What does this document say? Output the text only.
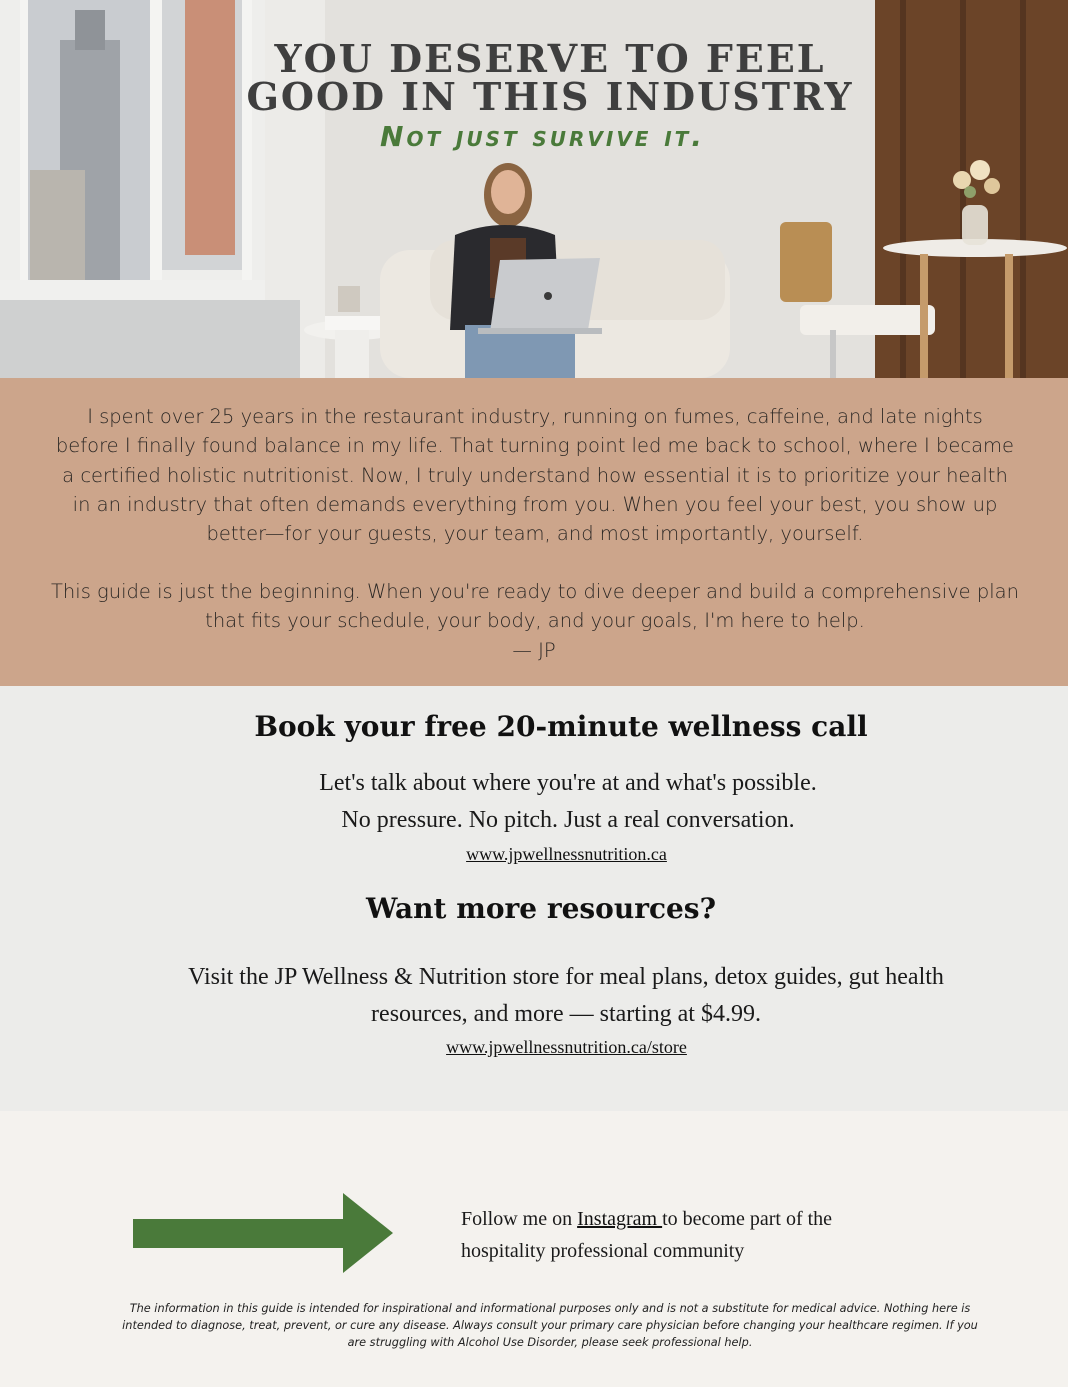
YOU DESERVE TO FEEL
GOOD IN THIS INDUSTRY
Not just survive it.

I spent over 25 years in the restaurant industry, running on fumes, caffeine, and late nights before I finally found balance in my life. That turning point led me back to school, where I became a certified holistic nutritionist. Now, I truly understand how essential it is to prioritize your health in an industry that often demands everything from you. When you feel your best, you show up better—for your guests, your team, and most importantly, yourself.

This guide is just the beginning. When you're ready to dive deeper and build a comprehensive plan that fits your schedule, your body, and your goals, I'm here to help.

— JP

Book your free 20-minute wellness call
Let's talk about where you're at and what's possible.
No pressure. No pitch. Just a real conversation.
www.jpwellnessnutrition.ca
Want more resources?
Visit the JP Wellness & Nutrition store for meal plans, detox guides, gut health
resources, and more — starting at $4.99.
www.jpwellnessnutrition.ca/store
Follow me on Instagram to become part of the hospitality professional community
The information in this guide is intended for inspirational and informational purposes only and is not a substitute for medical advice. Nothing here is intended to diagnose, treat, prevent, or cure any disease. Always consult your primary care physician before changing your healthcare regimen. If you are struggling with Alcohol Use Disorder, please seek professional help.
